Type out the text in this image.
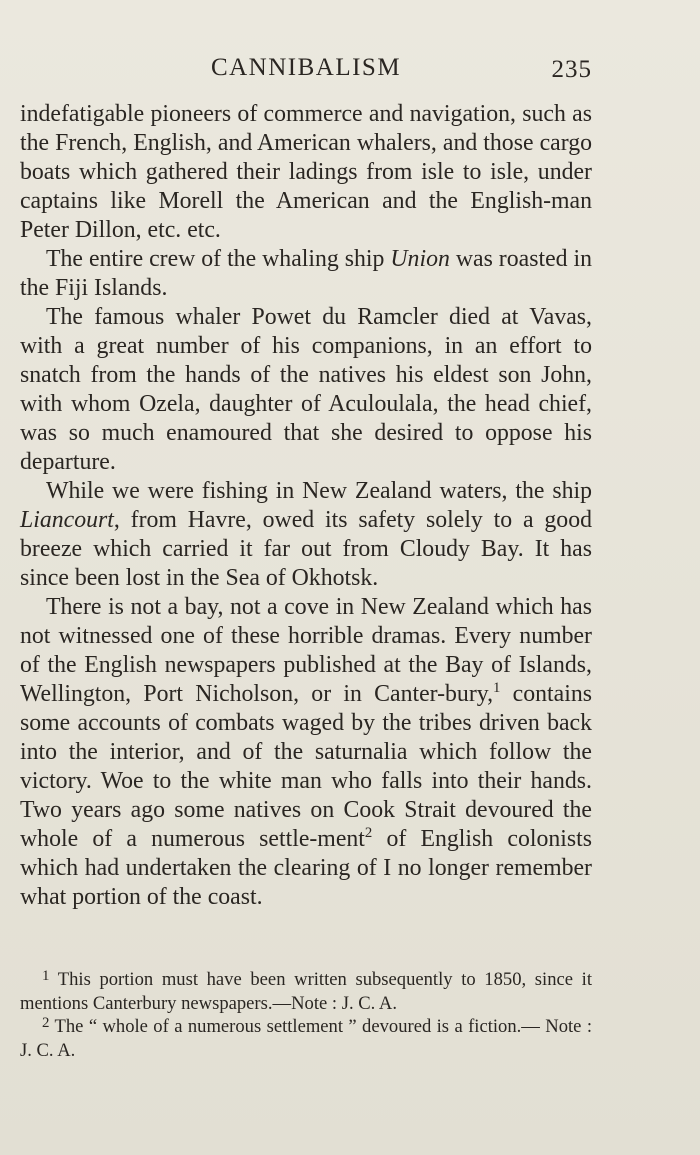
CANNIBALISM	235

indefatigable pioneers of commerce and navigation, such as the French, English, and American whalers, and those cargo boats which gathered their ladings from isle to isle, under captains like Morell the American and the English-man Peter Dillon, etc. etc.

The entire crew of the whaling ship Union was roasted in the Fiji Islands.

The famous whaler Powet du Ramcler died at Vavas, with a great number of his companions, in an effort to snatch from the hands of the natives his eldest son John, with whom Ozela, daughter of Aculoulala, the head chief, was so much enamoured that she desired to oppose his departure.

While we were fishing in New Zealand waters, the ship Liancourt, from Havre, owed its safety solely to a good breeze which carried it far out from Cloudy Bay. It has since been lost in the Sea of Okhotsk.

There is not a bay, not a cove in New Zealand which has not witnessed one of these horrible dramas. Every number of the English newspapers published at the Bay of Islands, Wellington, Port Nicholson, or in Canter-bury,$^1$ contains some accounts of combats waged by the tribes driven back into the interior, and of the saturnalia which follow the victory. Woe to the white man who falls into their hands. Two years ago some natives on Cook Strait devoured the whole of a numerous settle-ment$^2$ of English colonists which had undertaken the clearing of I no longer remember what portion of the coast.

$^1$ This portion must have been written subsequently to 1850, since it mentions Canterbury newspapers.—Note : J. C. A.

$^2$ The “ whole of a numerous settlement ” devoured is a fiction.— Note : J. C. A.
